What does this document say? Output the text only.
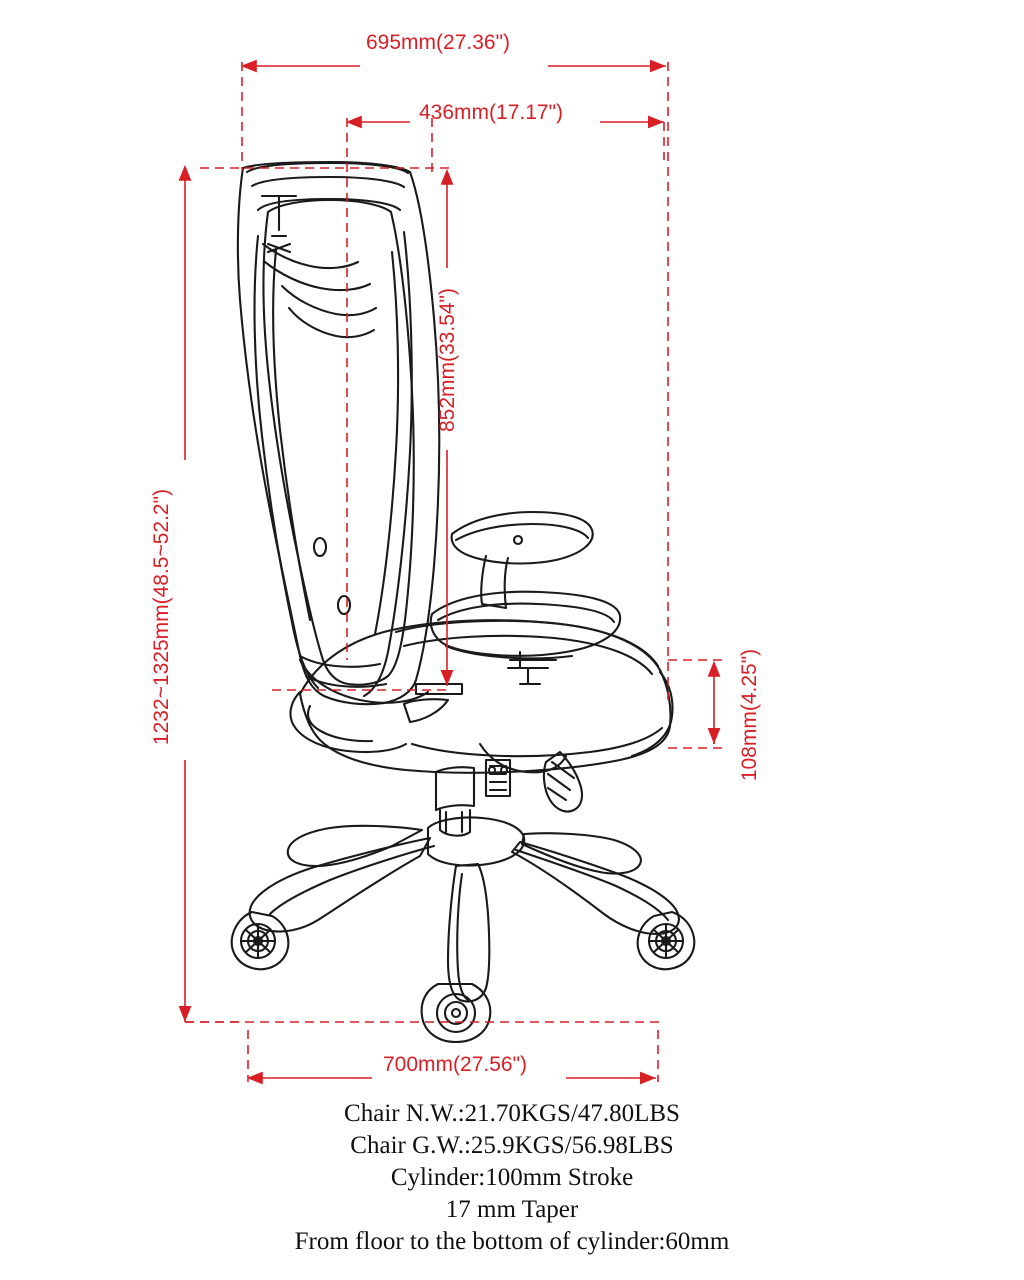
695mm(27.36")
436mm(17.17")
852mm(33.54")
1232~1325mm(48.5~52.2")	108mm(4.25")
700mm(27.56")
Chair N.W.:21.70KGS/47.80LBS
Chair G.W.:25.9KGS/56.98LBS
Cylinder:100mm Stroke
17 mm Taper
From floor to the bottom of cylinder:60mm
